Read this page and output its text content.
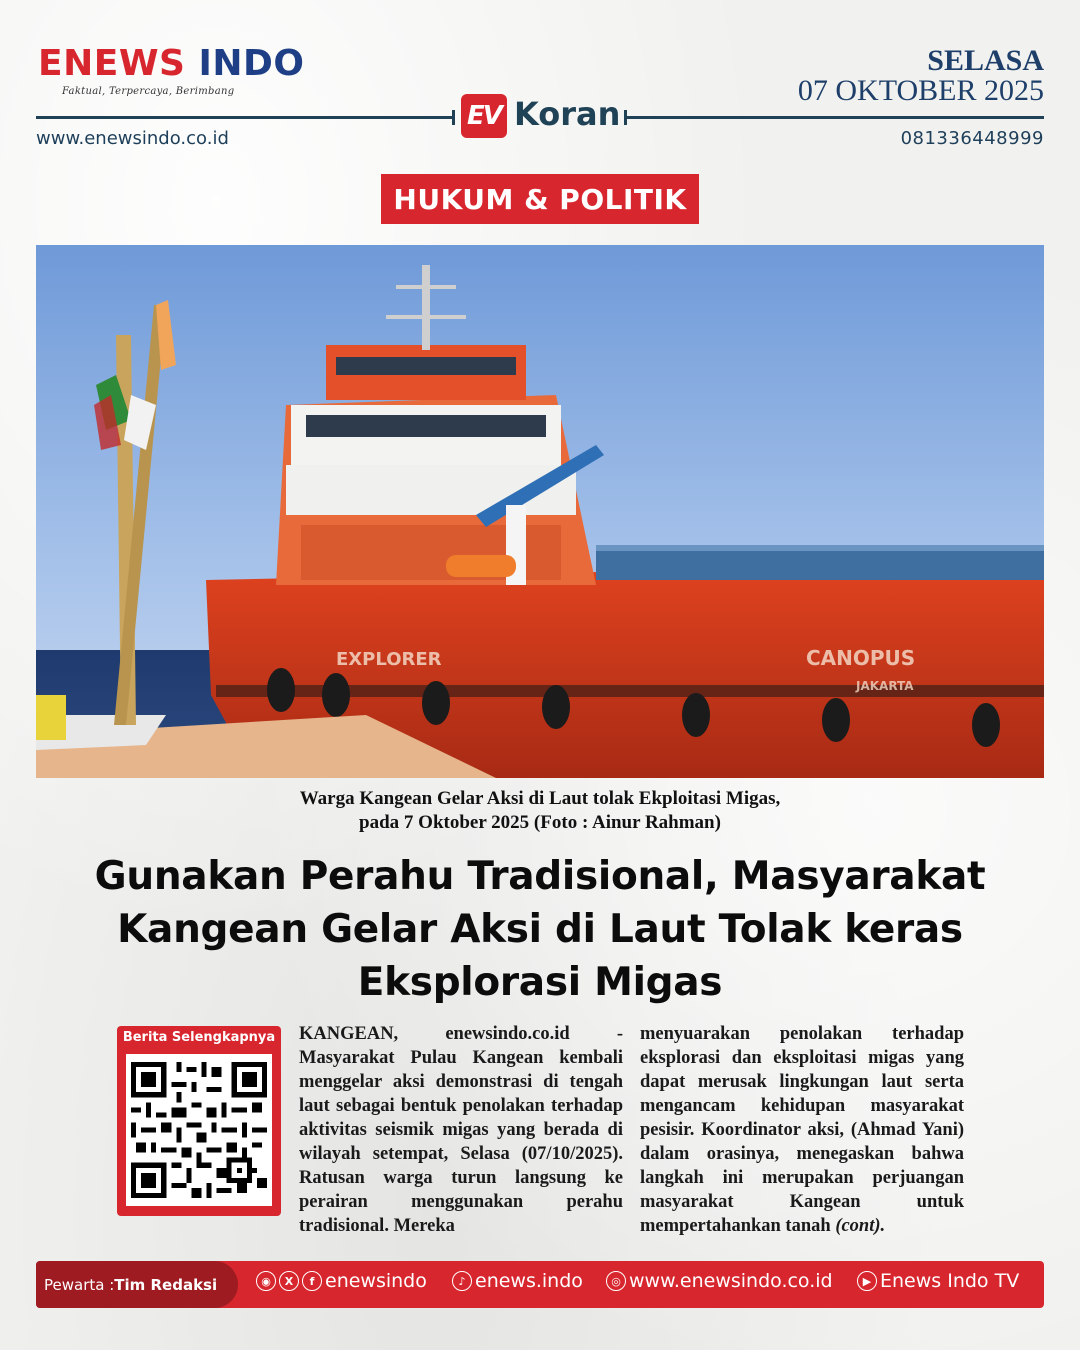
ENEWS INDO
Faktual, Terpercaya, Berimbang
SELASA
07 OKTOBER 2025
EV Koran
www.enewsindo.co.id	081336448999
HUKUM & POLITIK
EXPLORER	CANOPUS
JAKARTA
Warga Kangean Gelar Aksi di Laut tolak Ekploitasi Migas,
pada 7 Oktober 2025 (Foto : Ainur Rahman)
Gunakan Perahu Tradisional, Masyarakat
Kangean Gelar Aksi di Laut Tolak keras
Eksplorasi Migas
Berita Selengkapnya	KANGEAN, enewsindo.co.id - Masyarakat Pulau Kangean kembali menggelar aksi demonstrasi di tengah laut sebagai bentuk penolakan terhadap aktivitas seismik migas yang berada di wilayah setempat, Selasa (07/10/2025). Ratusan warga turun langsung ke perairan menggunakan perahu tradisional. Mereka
menyuarakan penolakan terhadap eksplorasi dan eksploitasi migas yang dapat merusak lingkungan laut serta mengancam kehidupan masyarakat pesisir. Koordinator aksi, (Ahmad Yani) dalam orasinya, menegaskan bahwa langkah ini merupakan perjuangan masyarakat Kangean untuk mempertahankan tanah (cont).
Pewarta : Tim Redaksi	◉	X	f enewsindo	♪ enews.indo	◎ www.enewsindo.co.id	▶ Enews Indo TV
